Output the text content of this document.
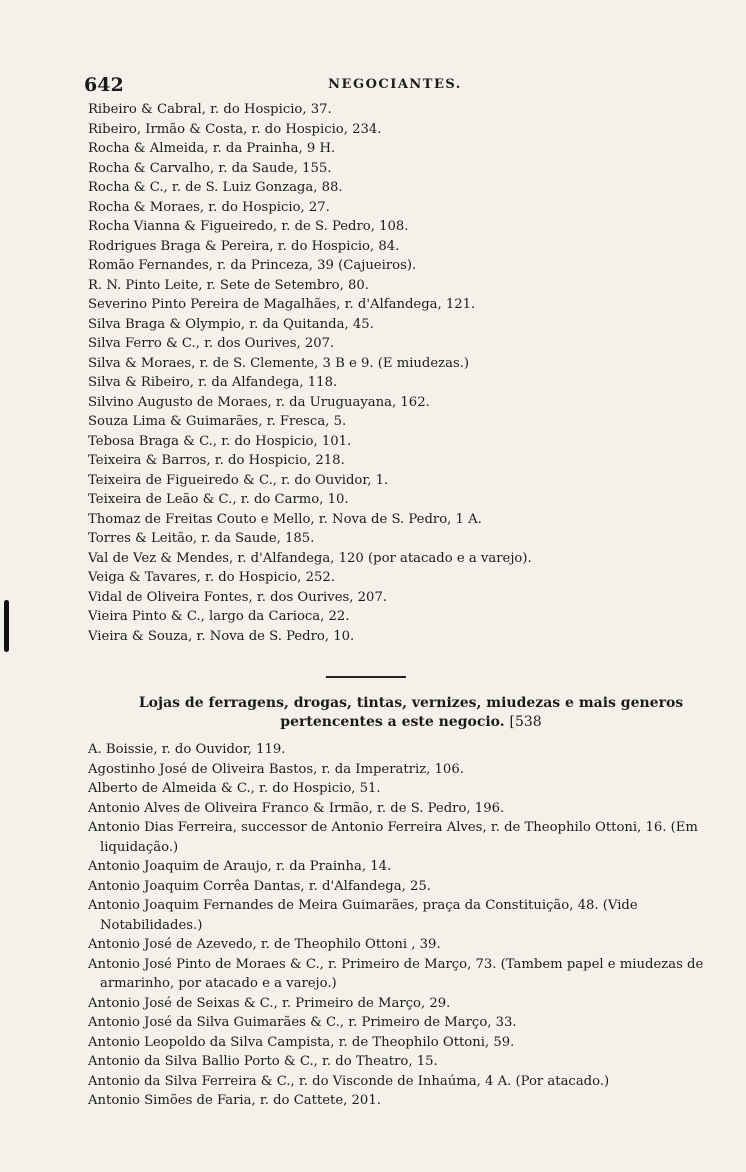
642	NEGOCIANTES.
Ribeiro & Cabral, r. do Hospicio, 37.
Ribeiro, Irmão & Costa, r. do Hospicio, 234.
Rocha & Almeida, r. da Prainha, 9 H.
Rocha & Carvalho, r. da Saude, 155.
Rocha & C., r. de S. Luiz Gonzaga, 88.
Rocha & Moraes, r. do Hospicio, 27.
Rocha Vianna & Figueiredo, r. de S. Pedro, 108.
Rodrigues Braga & Pereira, r. do Hospicio, 84.
Romão Fernandes, r. da Princeza, 39 (Cajueiros).
R. N. Pinto Leite, r. Sete de Setembro, 80.
Severino Pinto Pereira de Magalhães, r. d'Alfandega, 121.
Silva Braga & Olympio, r. da Quitanda, 45.
Silva Ferro & C., r. dos Ourives, 207.
Silva & Moraes, r. de S. Clemente, 3 B e 9. (E miudezas.)
Silva & Ribeiro, r. da Alfandega, 118.
Silvino Augusto de Moraes, r. da Uruguayana, 162.
Souza Lima & Guimarães, r. Fresca, 5.
Tebosa Braga & C., r. do Hospicio, 101.
Teixeira & Barros, r. do Hospicio, 218.
Teixeira de Figueiredo & C., r. do Ouvidor, 1.
Teixeira de Leão & C., r. do Carmo, 10.
Thomaz de Freitas Couto e Mello, r. Nova de S. Pedro, 1 A.
Torres & Leitão, r. da Saude, 185.
Val de Vez & Mendes, r. d'Alfandega, 120 (por atacado e a varejo).
Veiga & Tavares, r. do Hospicio, 252.
Vidal de Oliveira Fontes, r. dos Ourives, 207.
Vieira Pinto & C., largo da Carioca, 22.
Vieira & Souza, r. Nova de S. Pedro, 10.
Lojas de ferragens, drogas, tintas, vernizes, miudezas e mais generos pertencentes a este negocio. [538
A. Boissie, r. do Ouvidor, 119.
Agostinho José de Oliveira Bastos, r. da Imperatriz, 106.
Alberto de Almeida & C., r. do Hospicio, 51.
Antonio Alves de Oliveira Franco & Irmão, r. de S. Pedro, 196.
Antonio Dias Ferreira, successor de Antonio Ferreira Alves, r. de Theophilo Ottoni, 16. (Em liquidação.)
Antonio Joaquim de Araujo, r. da Prainha, 14.
Antonio Joaquim Corrêa Dantas, r. d'Alfandega, 25.
Antonio Joaquim Fernandes de Meira Guimarães, praça da Constituição, 48. (Vide Notabilidades.)
Antonio José de Azevedo, r. de Theophilo Ottoni , 39.
Antonio José Pinto de Moraes & C., r. Primeiro de Março, 73. (Tambem papel e miudezas de armarinho, por atacado e a varejo.)
Antonio José de Seixas & C., r. Primeiro de Março, 29.
Antonio José da Silva Guimarães & C., r. Primeiro de Março, 33.
Antonio Leopoldo da Silva Campista, r. de Theophilo Ottoni, 59.
Antonio da Silva Ballio Porto & C., r. do Theatro, 15.
Antonio da Silva Ferreira & C., r. do Visconde de Inhaúma, 4 A. (Por atacado.)
Antonio Simões de Faria, r. do Cattete, 201.
